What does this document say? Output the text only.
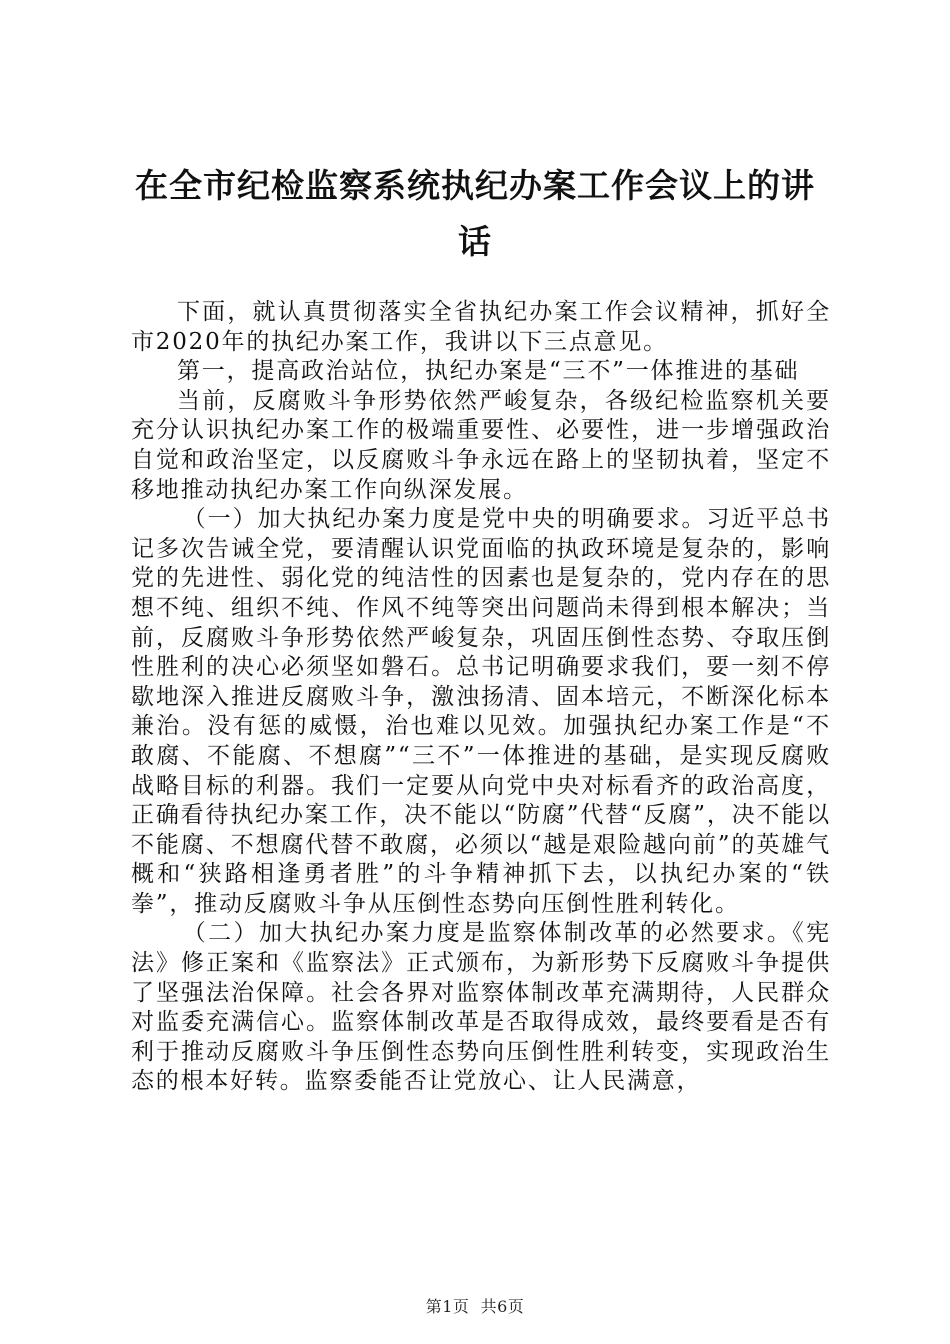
在全市纪检监察系统执纪办案工作会议上的讲
话

下面，就认真贯彻落实全省执纪办案工作会议精神，抓好全市2020年的执纪办案工作，我讲以下三点意见。

第一，提高政治站位，执纪办案是“三不”一体推进的基础

当前，反腐败斗争形势依然严峻复杂，各级纪检监察机关要充分认识执纪办案工作的极端重要性、必要性，进一步增强政治自觉和政治坚定，以反腐败斗争永远在路上的坚韧执着，坚定不移地推动执纪办案工作向纵深发展。

（一）加大执纪办案力度是党中央的明确要求。习近平总书记多次告诫全党，要清醒认识党面临的执政环境是复杂的，影响党的先进性、弱化党的纯洁性的因素也是复杂的，党内存在的思想不纯、组织不纯、作风不纯等突出问题尚未得到根本解决；当前，反腐败斗争形势依然严峻复杂，巩固压倒性态势、夺取压倒性胜利的决心必须坚如磐石。总书记明确要求我们，要一刻不停歇地深入推进反腐败斗争，激浊扬清、固本培元，不断深化标本兼治。没有惩的威慑，治也难以见效。加强执纪办案工作是“不敢腐、不能腐、不想腐”“三不”一体推进的基础，是实现反腐败战略目标的利器。我们一定要从向党中央对标看齐的政治高度，正确看待执纪办案工作，决不能以“防腐”代替“反腐”，决不能以不能腐、不想腐代替不敢腐，必须以“越是艰险越向前”的英雄气概和“狭路相逢勇者胜”的斗争精神抓下去，以执纪办案的“铁拳”，推动反腐败斗争从压倒性态势向压倒性胜利转化。

（二）加大执纪办案力度是监察体制改革的必然要求。《宪法》修正案和《监察法》正式颁布，为新形势下反腐败斗争提供了坚强法治保障。社会各界对监察体制改革充满期待，人民群众对监委充满信心。监察体制改革是否取得成效，最终要看是否有利于推动反腐败斗争压倒性态势向压倒性胜利转变，实现政治生态的根本好转。监察委能否让党放心、让人民满意，

第1页  共6页
